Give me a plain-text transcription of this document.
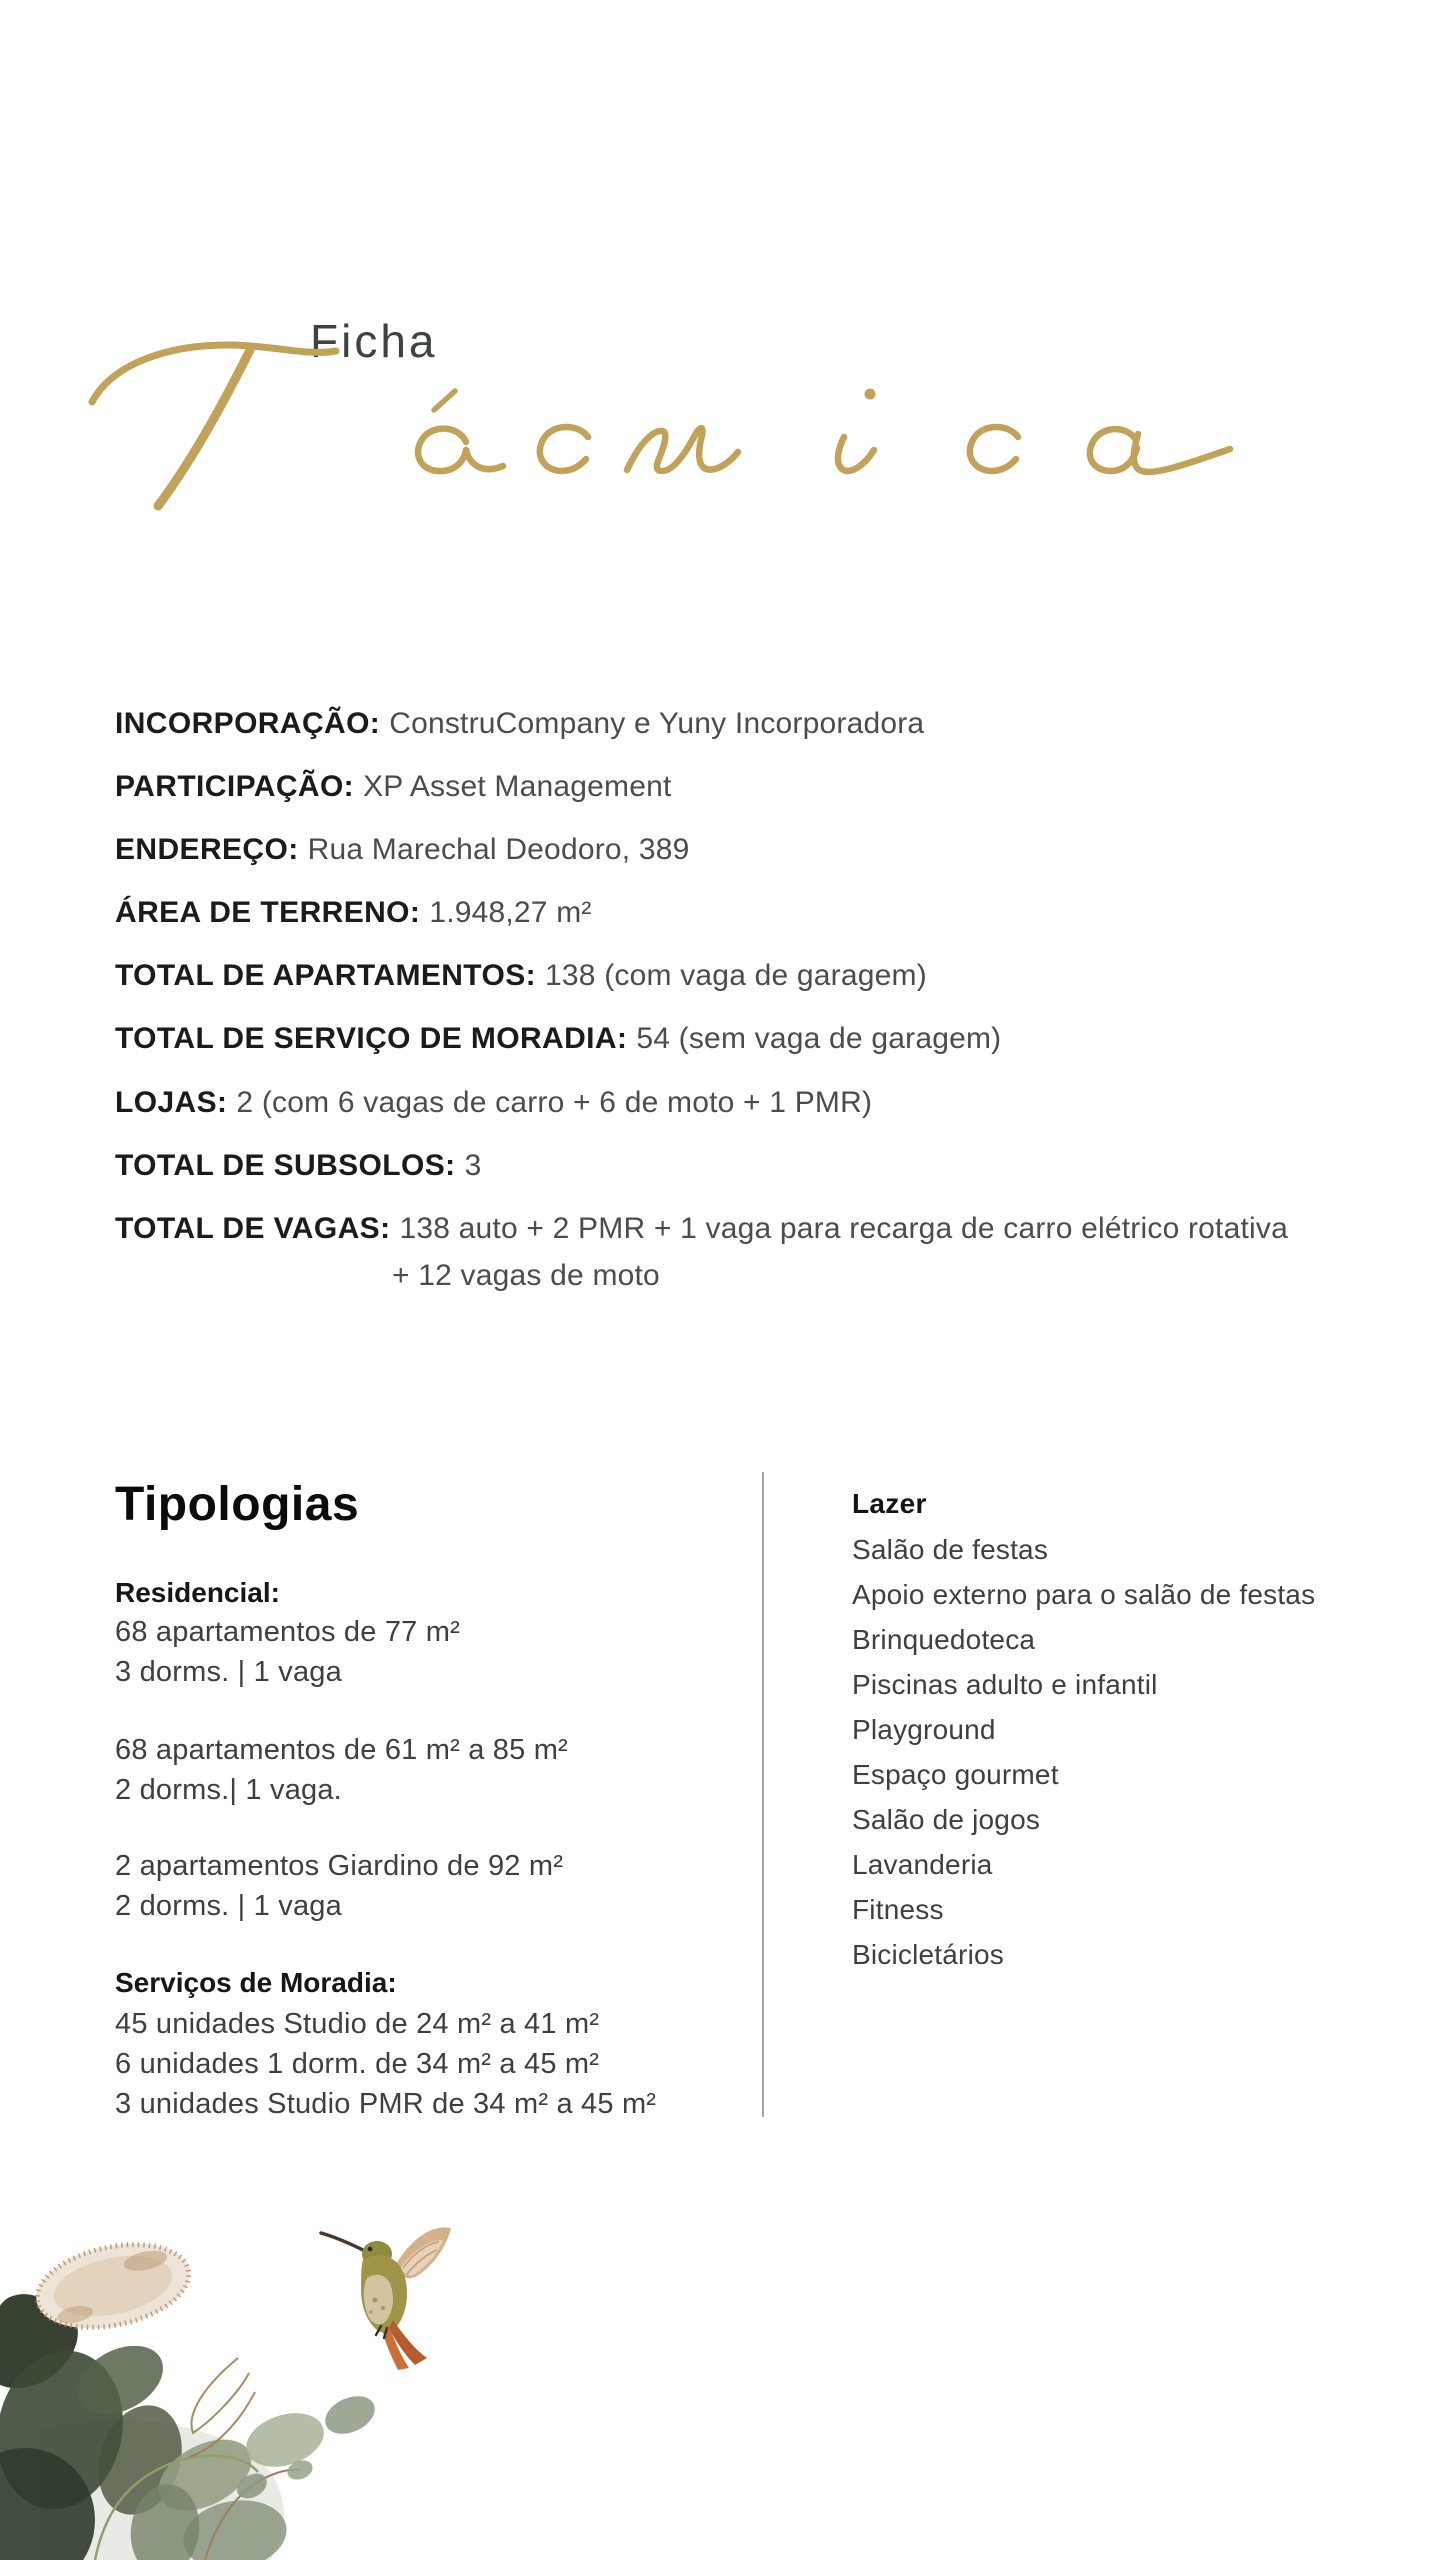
Ficha
INCORPORAÇÃO: ConstruCompany e Yuny Incorporadora
PARTICIPAÇÃO: XP Asset Management
ENDEREÇO: Rua Marechal Deodoro, 389
ÁREA DE TERRENO: 1.948,27 m²
TOTAL DE APARTAMENTOS: 138 (com vaga de garagem)
TOTAL DE SERVIÇO DE MORADIA: 54 (sem vaga de garagem)
LOJAS: 2 (com 6 vagas de carro + 6 de moto + 1 PMR)
TOTAL DE SUBSOLOS: 3
TOTAL DE VAGAS: 138 auto + 2 PMR + 1 vaga para recarga de carro elétrico rotativa
+ 12 vagas de moto
Tipologias
Residencial:
68 apartamentos de 77 m²
3 dorms. | 1 vaga
68 apartamentos de 61 m² a 85 m²
2 dorms.| 1 vaga.
2 apartamentos Giardino de 92 m²
2 dorms. | 1 vaga
Serviços de Moradia:
45 unidades Studio de 24 m² a 41 m²
6 unidades 1 dorm. de 34 m² a 45 m²
3 unidades Studio PMR de 34 m² a 45 m²
Lazer
Salão de festas
Apoio externo para o salão de festas
Brinquedoteca
Piscinas adulto e infantil
Playground
Espaço gourmet
Salão de jogos
Lavanderia
Fitness
Bicicletários
